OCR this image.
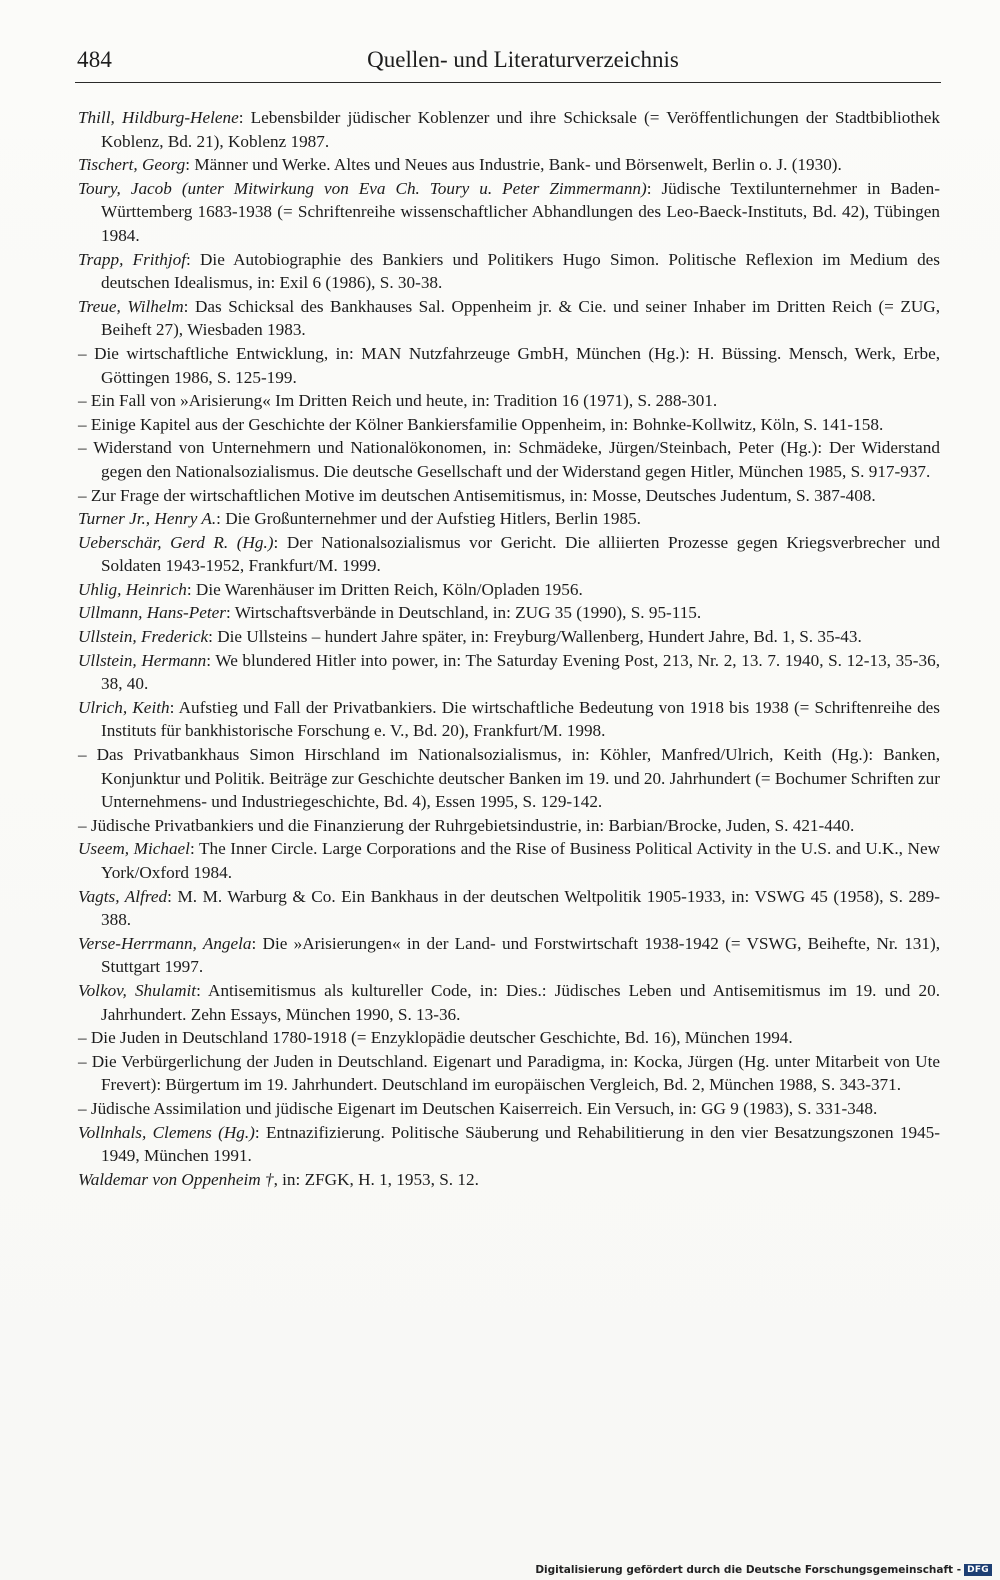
484	Quellen- und Literaturverzeichnis

Thill, Hildburg-Helene: Lebensbilder jüdischer Koblenzer und ihre Schicksale (= Veröffentlichungen der Stadtbibliothek Koblenz, Bd. 21), Koblenz 1987.

Tischert, Georg: Männer und Werke. Altes und Neues aus Industrie, Bank- und Börsenwelt, Berlin o. J. (1930).

Toury, Jacob (unter Mitwirkung von Eva Ch. Toury u. Peter Zimmermann): Jüdische Textilunternehmer in Baden-Württemberg 1683-1938 (= Schriftenreihe wissenschaftlicher Abhandlungen des Leo-Baeck-Instituts, Bd. 42), Tübingen 1984.

Trapp, Frithjof: Die Autobiographie des Bankiers und Politikers Hugo Simon. Politische Reflexion im Medium des deutschen Idealismus, in: Exil 6 (1986), S. 30-38.

Treue, Wilhelm: Das Schicksal des Bankhauses Sal. Oppenheim jr. & Cie. und seiner Inhaber im Dritten Reich (= ZUG, Beiheft 27), Wiesbaden 1983.

– Die wirtschaftliche Entwicklung, in: MAN Nutzfahrzeuge GmbH, München (Hg.): H. Büssing. Mensch, Werk, Erbe, Göttingen 1986, S. 125-199.

– Ein Fall von »Arisierung« Im Dritten Reich und heute, in: Tradition 16 (1971), S. 288-301.

– Einige Kapitel aus der Geschichte der Kölner Bankiersfamilie Oppenheim, in: Bohnke-Kollwitz, Köln, S. 141-158.

– Widerstand von Unternehmern und Nationalökonomen, in: Schmädeke, Jürgen/Steinbach, Peter (Hg.): Der Widerstand gegen den Nationalsozialismus. Die deutsche Gesellschaft und der Widerstand gegen Hitler, München 1985, S. 917-937.

– Zur Frage der wirtschaftlichen Motive im deutschen Antisemitismus, in: Mosse, Deutsches Judentum, S. 387-408.

Turner Jr., Henry A.: Die Großunternehmer und der Aufstieg Hitlers, Berlin 1985.

Ueberschär, Gerd R. (Hg.): Der Nationalsozialismus vor Gericht. Die alliierten Prozesse gegen Kriegsverbrecher und Soldaten 1943-1952, Frankfurt/M. 1999.

Uhlig, Heinrich: Die Warenhäuser im Dritten Reich, Köln/Opladen 1956.

Ullmann, Hans-Peter: Wirtschaftsverbände in Deutschland, in: ZUG 35 (1990), S. 95-115.

Ullstein, Frederick: Die Ullsteins – hundert Jahre später, in: Freyburg/Wallenberg, Hundert Jahre, Bd. 1, S. 35-43.

Ullstein, Hermann: We blundered Hitler into power, in: The Saturday Evening Post, 213, Nr. 2, 13. 7. 1940, S. 12-13, 35-36, 38, 40.

Ulrich, Keith: Aufstieg und Fall der Privatbankiers. Die wirtschaftliche Bedeutung von 1918 bis 1938 (= Schriftenreihe des Instituts für bankhistorische Forschung e. V., Bd. 20), Frankfurt/M. 1998.

– Das Privatbankhaus Simon Hirschland im Nationalsozialismus, in: Köhler, Manfred/Ulrich, Keith (Hg.): Banken, Konjunktur und Politik. Beiträge zur Geschichte deutscher Banken im 19. und 20. Jahrhundert (= Bochumer Schriften zur Unternehmens- und Industriegeschichte, Bd. 4), Essen 1995, S. 129-142.

– Jüdische Privatbankiers und die Finanzierung der Ruhrgebietsindustrie, in: Barbian/Brocke, Juden, S. 421-440.

Useem, Michael: The Inner Circle. Large Corporations and the Rise of Business Political Activity in the U.S. and U.K., New York/Oxford 1984.

Vagts, Alfred: M. M. Warburg & Co. Ein Bankhaus in der deutschen Weltpolitik 1905-1933, in: VSWG 45 (1958), S. 289-388.

Verse-Herrmann, Angela: Die »Arisierungen« in der Land- und Forstwirtschaft 1938-1942 (= VSWG, Beihefte, Nr. 131), Stuttgart 1997.

Volkov, Shulamit: Antisemitismus als kultureller Code, in: Dies.: Jüdisches Leben und Antisemitismus im 19. und 20. Jahrhundert. Zehn Essays, München 1990, S. 13-36.

– Die Juden in Deutschland 1780-1918 (= Enzyklopädie deutscher Geschichte, Bd. 16), München 1994.

– Die Verbürgerlichung der Juden in Deutschland. Eigenart und Paradigma, in: Kocka, Jürgen (Hg. unter Mitarbeit von Ute Frevert): Bürgertum im 19. Jahrhundert. Deutschland im europäischen Vergleich, Bd. 2, München 1988, S. 343-371.

– Jüdische Assimilation und jüdische Eigenart im Deutschen Kaiserreich. Ein Versuch, in: GG 9 (1983), S. 331-348.

Vollnhals, Clemens (Hg.): Entnazifizierung. Politische Säuberung und Rehabilitierung in den vier Besatzungszonen 1945-1949, München 1991.

Waldemar von Oppenheim †, in: ZFGK, H. 1, 1953, S. 12.

Digitalisierung gefördert durch die Deutsche Forschungsgemeinschaft - DFG
